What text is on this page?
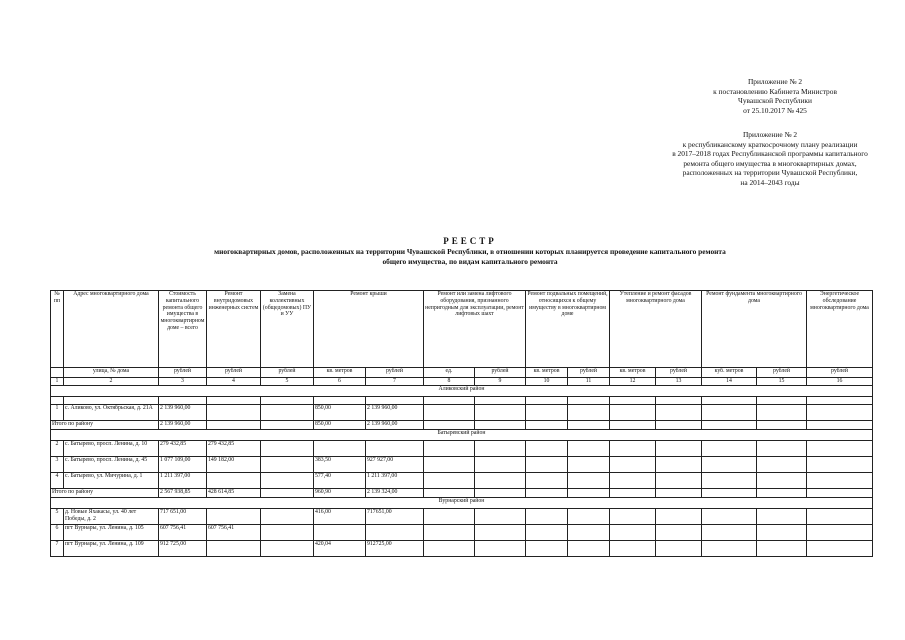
Приложение № 2
к постановлению Кабинета Министров
Чувашской Республики
от 25.10.2017 № 425
Приложение № 2
к республиканскому краткосрочному плану реализации
в 2017–2018 годах Республиканской программы капитального
ремонта общего имущества в многоквартирных домах,
расположенных на территории Чувашской Республики,
на 2014–2043 годы
РЕЕСТР
многоквартирных домов, расположенных на территории Чувашской Республики, в отношении которых планируется проведение капитального ремонта
общего имущества, по видам капитального ремонта
№ пп	Адрес многоквартирного дома	Стоимость капитального ремонта общего имущества в многоквартирном доме – всего	Ремонт внутридомовых инженерных систем	Замена коллективных (общедомовых) ПУ и УУ	Ремонт крыши		Ремонт или замена лифтового оборудования, признанного непригодным для эксплуатации, ремонт лифтовых шахт		Ремонт подвальных помещений, относящихся к общему имуществу в многоквартирном доме		Утепление и ремонт фасадов многоквартирного дома		Ремонт фундамента многоквартирного дома		Энергетическое обследование многоквартирного дома
	улица, № дома	рублей	рублей	рублей	кв. метров	рублей	ед.	рублей	кв. метров	рублей	кв. метров	рублей	куб. метров	рублей	рублей
1	2	3	4	5	6	7	8	9	10	11	12	13	14	15	16
Аликовский район															

1	с. Аликово, ул. Октябрьская, д. 21А	2 139 960,00			850,00	2 139 960,00									
Итого по району		2 139 960,00			850,00	2 139 960,00									
Батыревский район															
2	с. Батырево, просп. Ленина, д. 10	279 432,85	279 432,85												
3	с. Батырево, просп. Ленина, д. 45	1 077 109,00	149 182,00		383,50	927 927,00									
4	с. Батырево, ул. Мичурина, д. 1	1 211 397,00			577,40	1 211 397,00									
Итого по району		2 567 938,85	428 614,85		960,90	2 139 324,00									
Вурнарский район															
5	д. Новые Яхакасы, ул. 40 лет Победы, д. 2	717 651,00			416,00	717651,00									
6	пгт Вурнары, ул. Ленина, д. 105	607 756,41	607 756,41												
7	пгт Вурнары, ул. Ленина, д. 109	912 725,00			420,04	912725,00									
